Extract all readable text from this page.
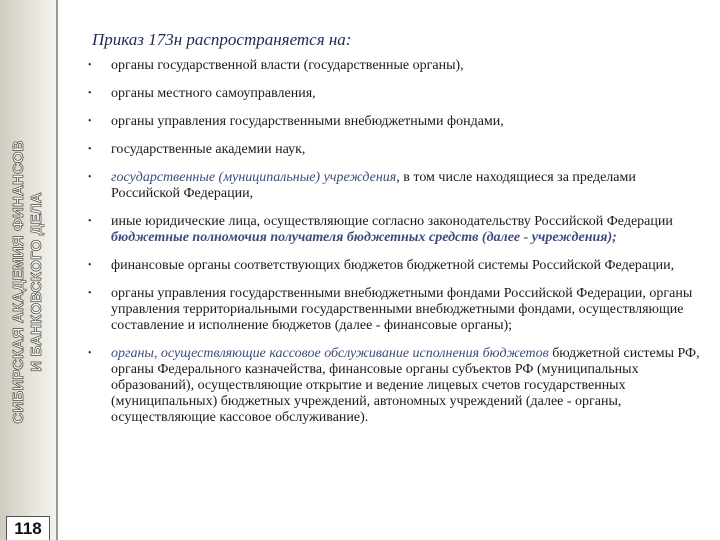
СИБИРСКАЯ АКАДЕМИЯ ФИНАНСОВ И БАНКОВСКОГО ДЕЛА
118
Приказ 173н распространяется на:
• органы государственной власти (государственные органы),
• органы местного самоуправления,
• органы управления государственными внебюджетными фондами,
• государственные академии наук,
• государственные (муниципальные) учреждения, в том числе находящиеся за пределами Российской Федерации,
• иные юридические лица, осуществляющие согласно законодательству Российской Федерации бюджетные полномочия получателя бюджетных средств (далее - учреждения);
• финансовые органы соответствующих бюджетов бюджетной системы Российской Федерации,
• органы управления государственными внебюджетными фондами Российской Федерации, органы управления территориальными государственными внебюджетными фондами, осуществляющие составление и исполнение бюджетов (далее - финансовые органы);
• органы, осуществляющие кассовое обслуживание исполнения бюджетов бюджетной системы РФ, органы Федерального казначейства, финансовые органы субъектов РФ (муниципальных образований), осуществляющие открытие и ведение лицевых счетов государственных (муниципальных) бюджетных учреждений, автономных учреждений (далее - органы, осуществляющие кассовое обслуживание).
